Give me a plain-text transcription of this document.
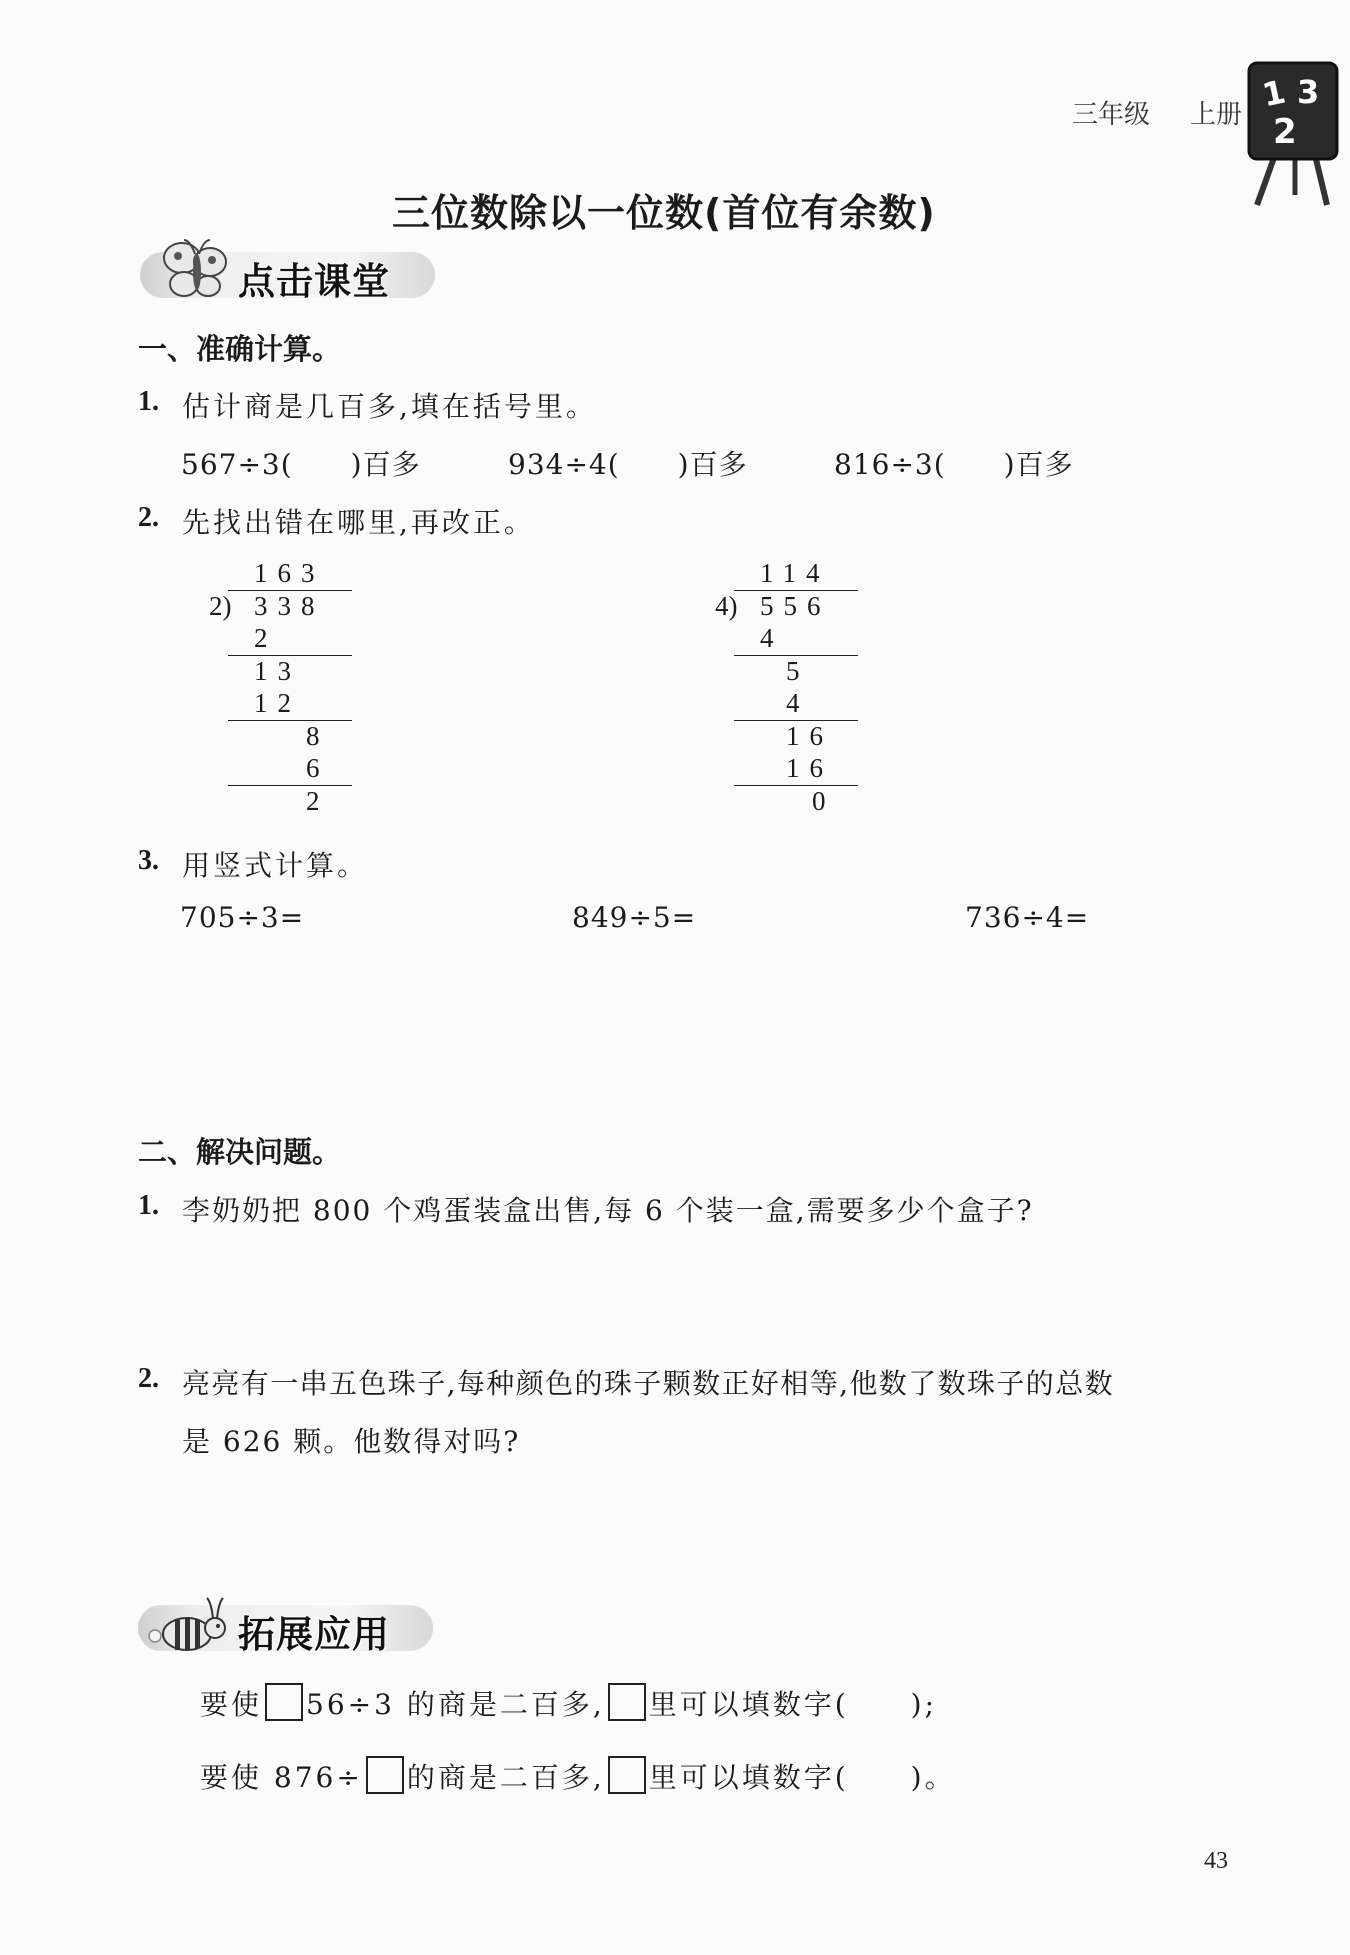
三年级 上册
1 3
2
三位数除以一位数(首位有余数)
点击课堂
一、准确计算。
1. 估计商是几百多,填在括号里。
567÷3(　　)百多	934÷4(　　)百多	816÷3(　　)百多
2. 先找出错在哪里,再改正。
163
2) 338
2
13
12
8
6
2
114
4) 556
4
5
4
16
16
0
3. 用竖式计算。
705÷3=	849÷5=	736÷4=
二、解决问题。
1. 李奶奶把 800 个鸡蛋装盒出售,每 6 个装一盒,需要多少个盒子?
2. 亮亮有一串五色珠子,每种颜色的珠子颗数正好相等,他数了数珠子的总数
是 626 颗。他数得对吗?
拓展应用
要使 56÷3 的商是二百多, 里可以填数字(　　);
要使 876÷ 的商是二百多, 里可以填数字(　　)。
43
